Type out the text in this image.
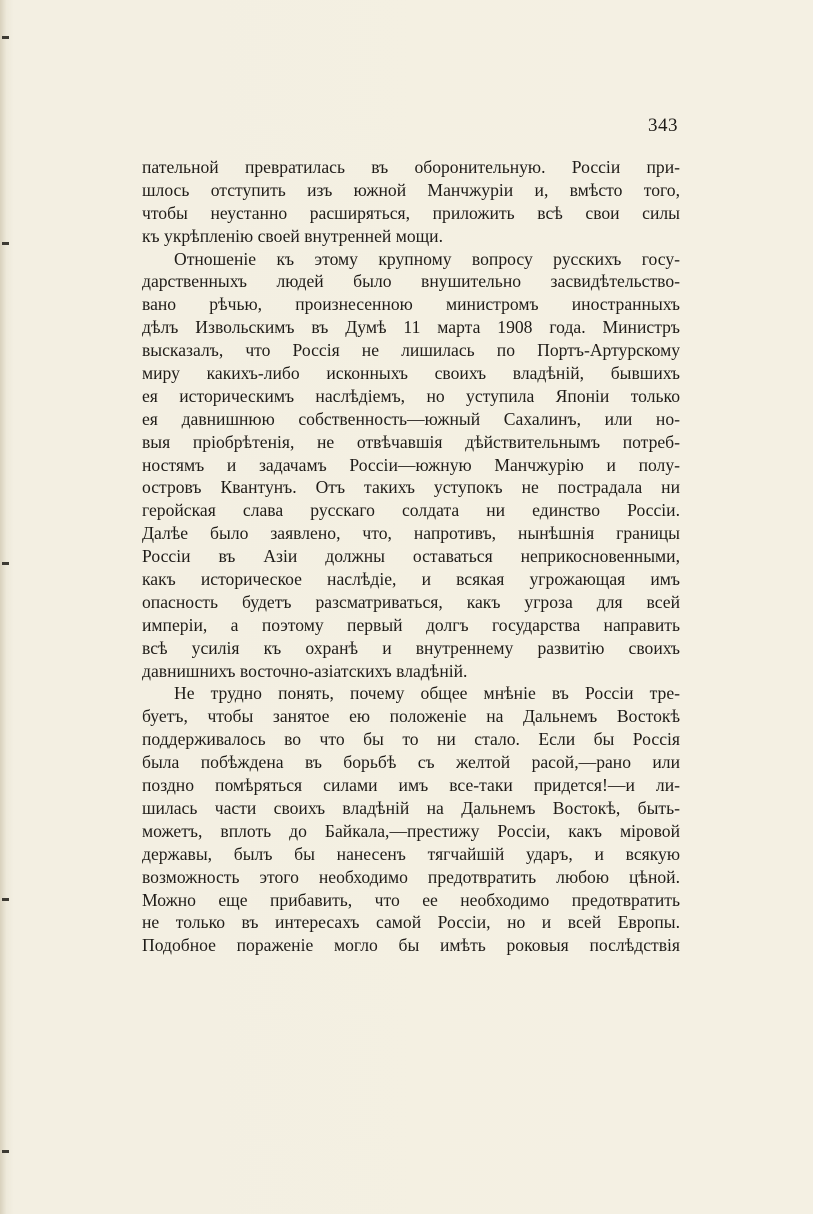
343
пательной превратилась въ оборонительную. Россiи при-
шлось отступить изъ южной Манчжурiи и, вмѣсто того,
чтобы неустанно расширяться, приложить всѣ свои силы
къ укрѣпленiю своей внутренней мощи.
Отношенiе къ этому крупному вопросу русскихъ госу-
дарственныхъ людей было внушительно засвидѣтельство-
вано рѣчью, произнесенною министромъ иностранныхъ
дѣлъ Извольскимъ въ Думѣ 11 марта 1908 года. Министръ
высказалъ, что Россiя не лишилась по Портъ-Артурскому
миру какихъ-либо исконныхъ своихъ владѣнiй, бывшихъ
ея историческимъ наслѣдiемъ, но уступила Японiи только
ея давнишнюю собственность—южный Сахалинъ, или но-
выя прiобрѣтенiя, не отвѣчавшiя дѣйствительнымъ потреб-
ностямъ и задачамъ Россiи—южную Манчжурiю и полу-
островъ Квантунъ. Отъ такихъ уступокъ не пострадала ни
геройская слава русскаго солдата ни единство Россiи.
Далѣе было заявлено, что, напротивъ, нынѣшнiя границы
Россiи въ Азiи должны оставаться неприкосновенными,
какъ историческое наслѣдiе, и всякая угрожающая имъ
опасность будетъ разсматриваться, какъ угроза для всей
имперiи, а поэтому первый долгъ государства направить
всѣ усилiя къ охранѣ и внутреннему развитiю своихъ
давнишнихъ восточно-азiатскихъ владѣнiй.
Не трудно понять, почему общее мнѣнiе въ Россiи тре-
буетъ, чтобы занятое ею положенiе на Дальнемъ Востокѣ
поддерживалось во что бы то ни стало. Если бы Россiя
была побѣждена въ борьбѣ съ желтой расой,—рано или
поздно помѣряться силами имъ все-таки придется!—и ли-
шилась части своихъ владѣнiй на Дальнемъ Востокѣ, быть-
можетъ, вплоть до Байкала,—престижу Россiи, какъ мiровой
державы, былъ бы нанесенъ тягчайшiй ударъ, и всякую
возможность этого необходимо предотвратить любою цѣной.
Можно еще прибавить, что ее необходимо предотвратить
не только въ интересахъ самой Россiи, но и всей Европы.
Подобное пораженiе могло бы имѣть роковыя послѣдствiя
